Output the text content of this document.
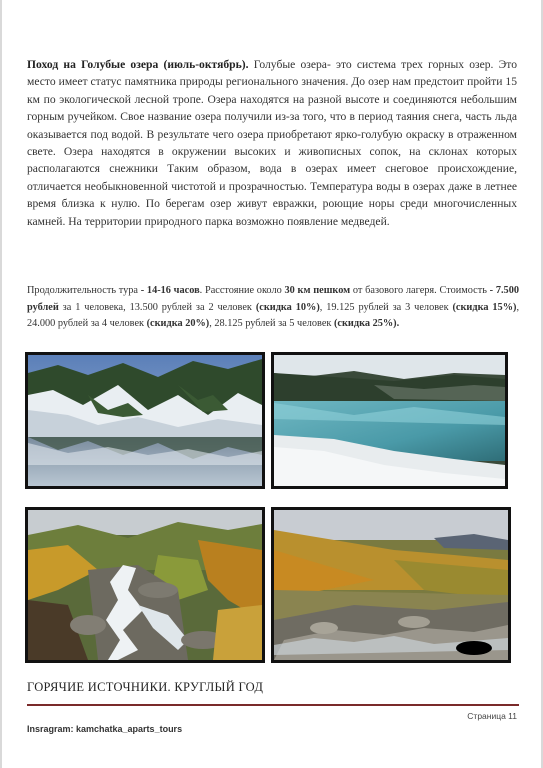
Поход на Голубые озера (июль-октябрь). Голубые озера- это система трех горных озер. Это место имеет статус памятника природы регионального значения. До озер нам предстоит пройти 15 км по экологической лесной тропе. Озера находятся на разной высоте и соединяются небольшим горным ручейком. Свое название озера получили из-за того, что в период таяния снега, часть льда оказывается под водой. В результате чего озера приобретают ярко-голубую окраску в отраженном свете. Озера находятся в окружении высоких и живописных сопок, на склонах которых располагаются снежники Таким образом, вода в озерах имеет снеговое происхождение, отличается необыкновенной чистотой и прозрачностью. Температура воды в озерах даже в летнее время близка к нулю. По берегам озер живут евражки, роющие норы среди многочисленных камней. На территории природного парка возможно появление медведей.

Продолжительность тура - 14-16 часов. Расстояние около 30 км пешком от базового лагеря. Стоимость - 7.500 рублей за 1 человека, 13.500 рублей за 2 человек (скидка 10%), 19.125 рублей за 3 человек (скидка 15%), 24.000 рублей за 4 человек (скидка 20%), 28.125 рублей за 5 человек (скидка 25%).

ГОРЯЧИЕ ИСТОЧНИКИ. КРУГЛЫЙ ГОД
Страница 11
Insragram: kamchatka_aparts_tours
